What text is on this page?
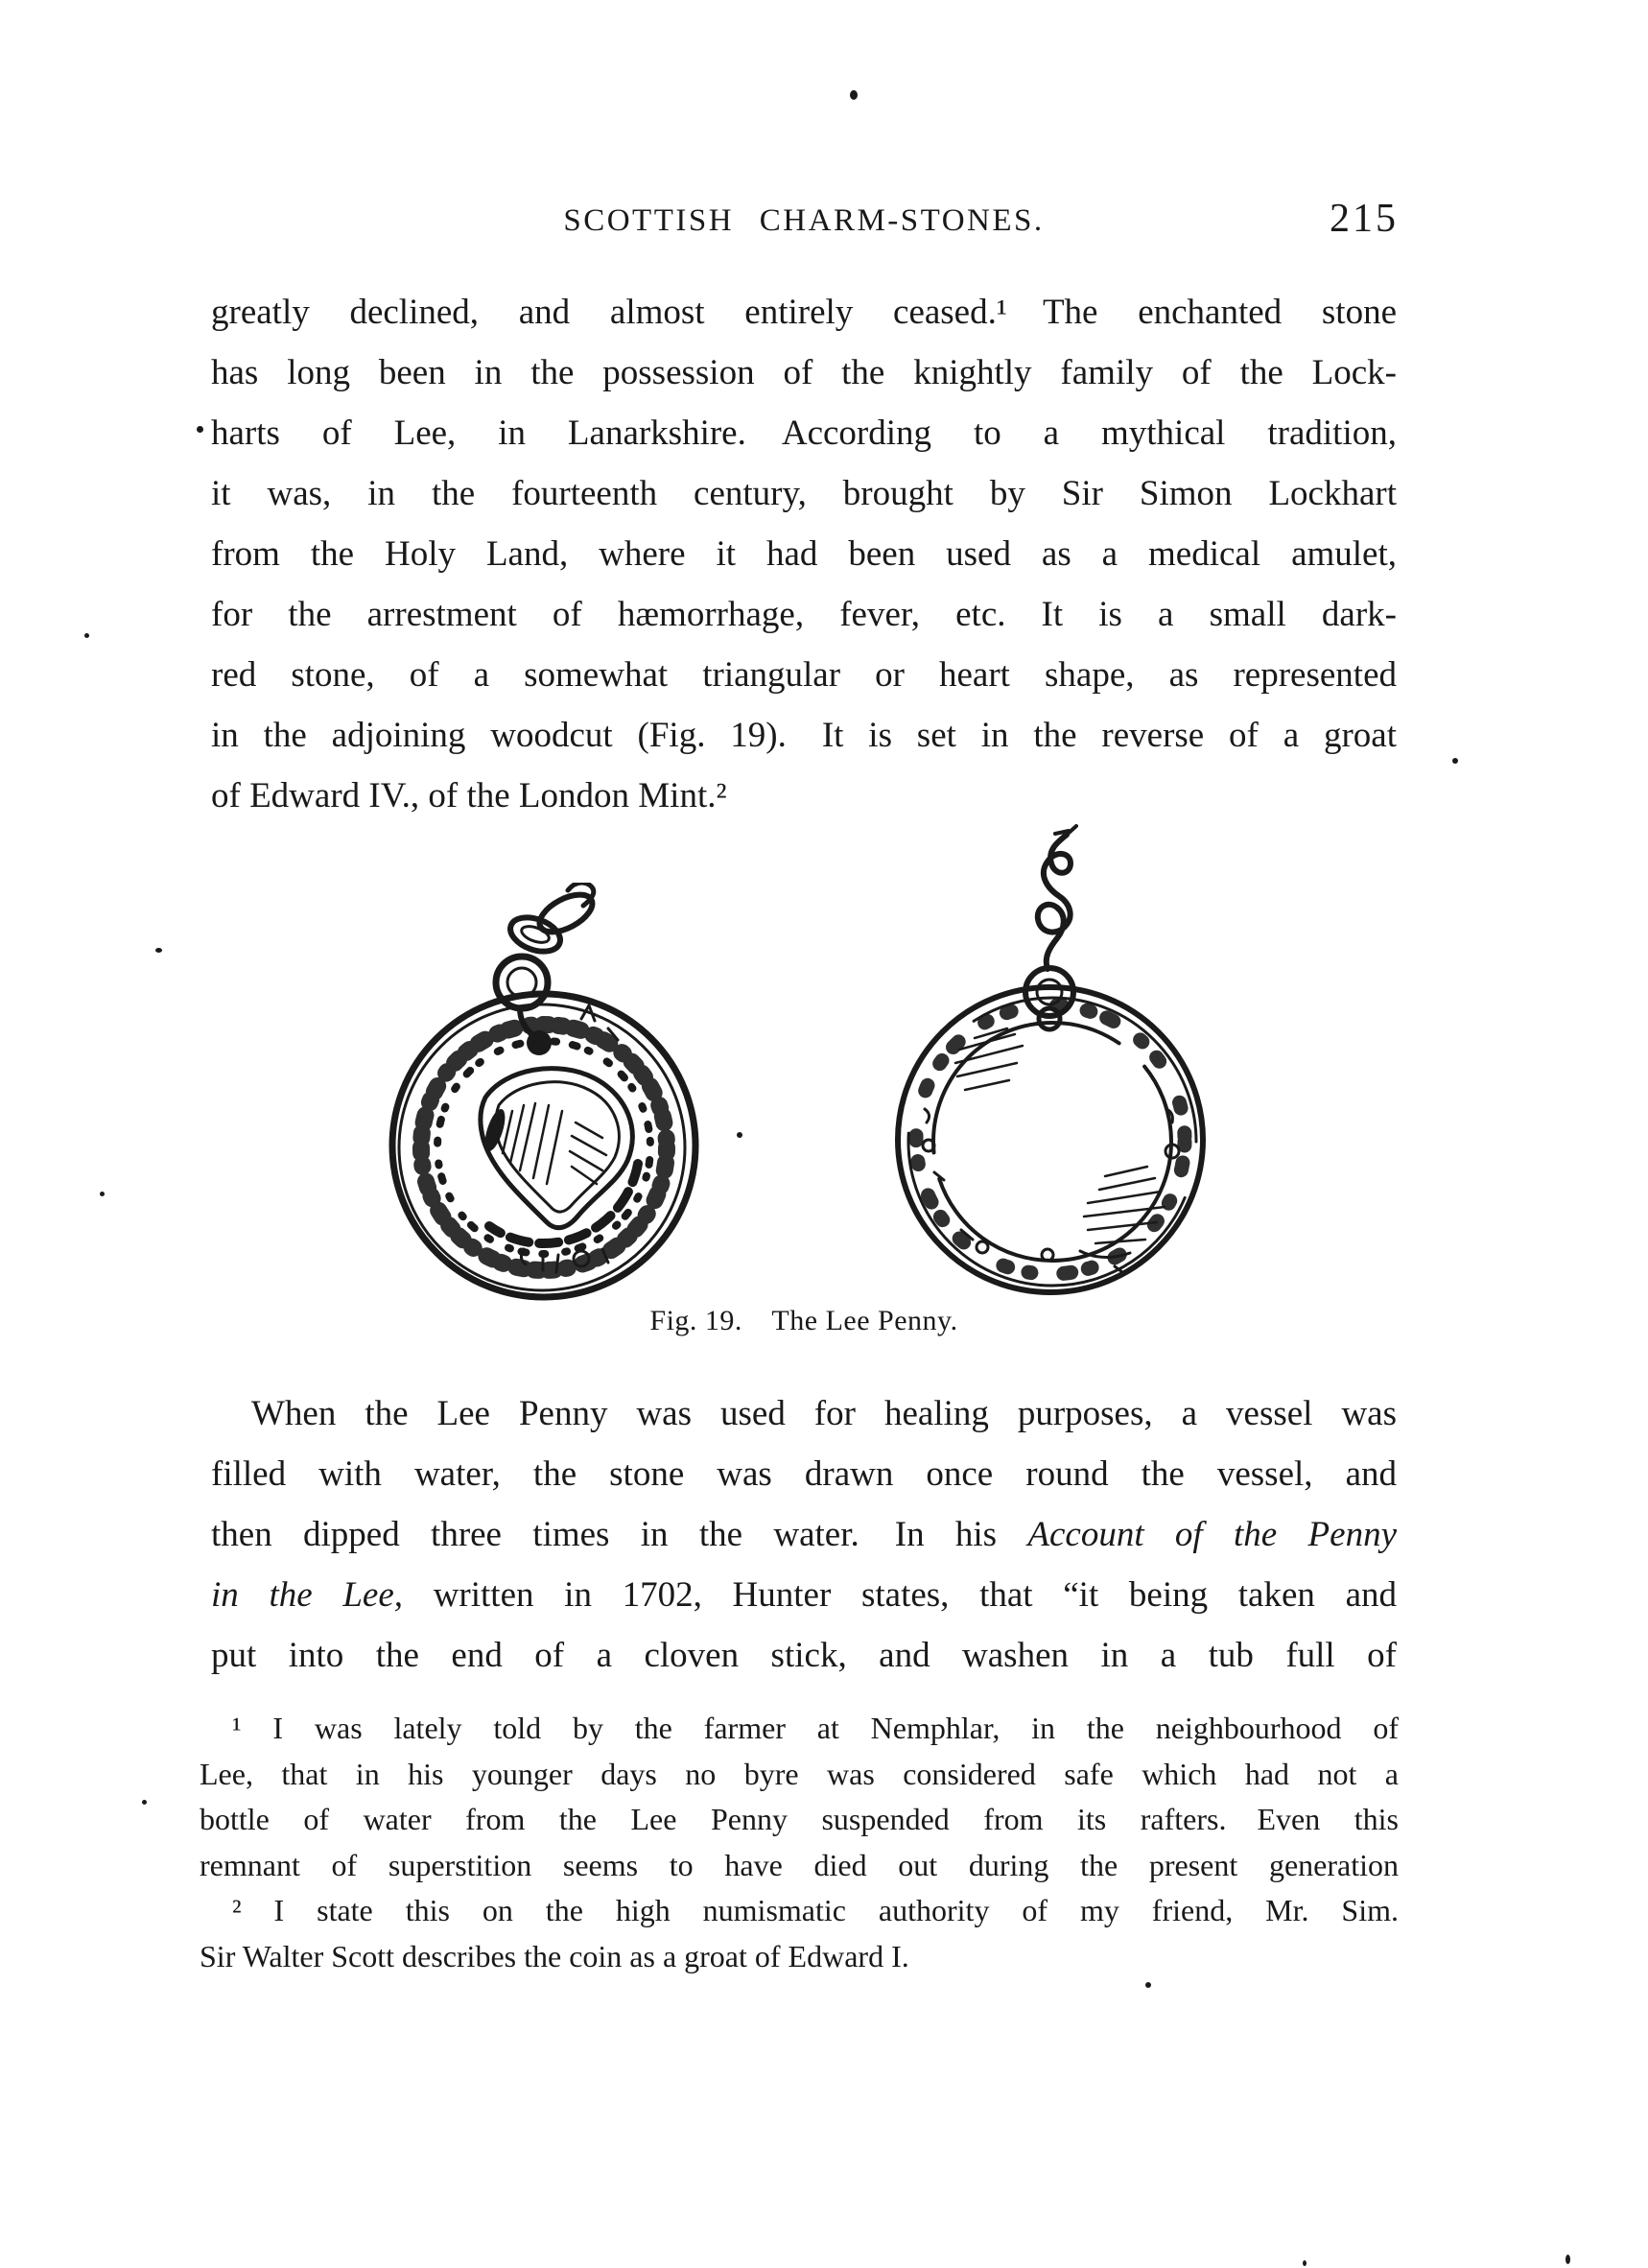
SCOTTISH CHARM-STONES.	215
greatly declined, and almost entirely ceased.¹ The enchanted stone
has long been in the possession of the knightly family of the Lock-
harts of Lee, in Lanarkshire. According to a mythical tradition,
it was, in the fourteenth century, brought by Sir Simon Lockhart
from the Holy Land, where it had been used as a medical amulet,
for the arrestment of hæmorrhage, fever, etc. It is a small dark-
red stone, of a somewhat triangular or heart shape, as represented
in the adjoining woodcut (Fig. 19). It is set in the reverse of a groat
of Edward IV., of the London Mint.²
Fig. 19. The Lee Penny.
When the Lee Penny was used for healing purposes, a vessel was
filled with water, the stone was drawn once round the vessel, and
then dipped three times in the water. In his Account of the Penny
in the Lee, written in 1702, Hunter states, that “it being taken and
put into the end of a cloven stick, and washen in a tub full of
¹ I was lately told by the farmer at Nemphlar, in the neighbourhood of
Lee, that in his younger days no byre was considered safe which had not a
bottle of water from the Lee Penny suspended from its rafters. Even this
remnant of superstition seems to have died out during the present generation
² I state this on the high numismatic authority of my friend, Mr. Sim.
Sir Walter Scott describes the coin as a groat of Edward I.
